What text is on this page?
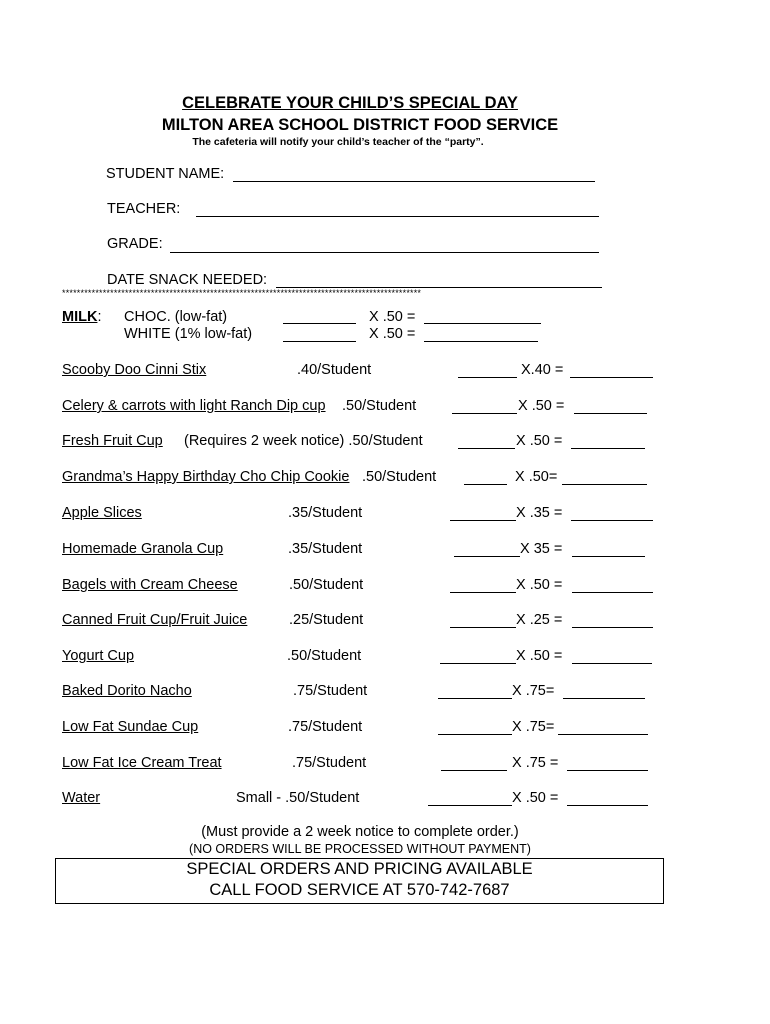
CELEBRATE YOUR CHILD’S SPECIAL DAY
MILTON AREA SCHOOL DISTRICT FOOD SERVICE
The cafeteria will notify your child’s teacher of the “party”.
STUDENT NAME:
TEACHER:
GRADE:
DATE SNACK NEEDED:
*************************************************************************************************
MILK: CHOC. (low-fat)	X .50 =
WHITE (1% low-fat)	X .50 =
Scooby Doo Cinni Stix	.40/Student	X.40 =
Celery & carrots with light Ranch Dip cup .50/Student	X .50 =
Fresh Fruit Cup	(Requires 2 week notice) .50/Student	X .50 =
Grandma’s Happy Birthday Cho Chip Cookie .50/Student	X .50=
Apple Slices	.35/Student	X .35 =
Homemade Granola Cup	.35/Student	X 35 =
Bagels with Cream Cheese	.50/Student	X .50 =
Canned Fruit Cup/Fruit Juice	.25/Student	X .25 =
Yogurt Cup	.50/Student	X .50 =
Baked Dorito Nacho	.75/Student	X .75=
Low Fat Sundae Cup	.75/Student	X .75=
Low Fat Ice Cream Treat	.75/Student	X .75 =
Water	Small - .50/Student	X .50 =
(Must provide a 2 week notice to complete order.)
(NO ORDERS WILL BE PROCESSED WITHOUT PAYMENT)
SPECIAL ORDERS AND PRICING AVAILABLE
CALL FOOD SERVICE AT 570-742-7687
